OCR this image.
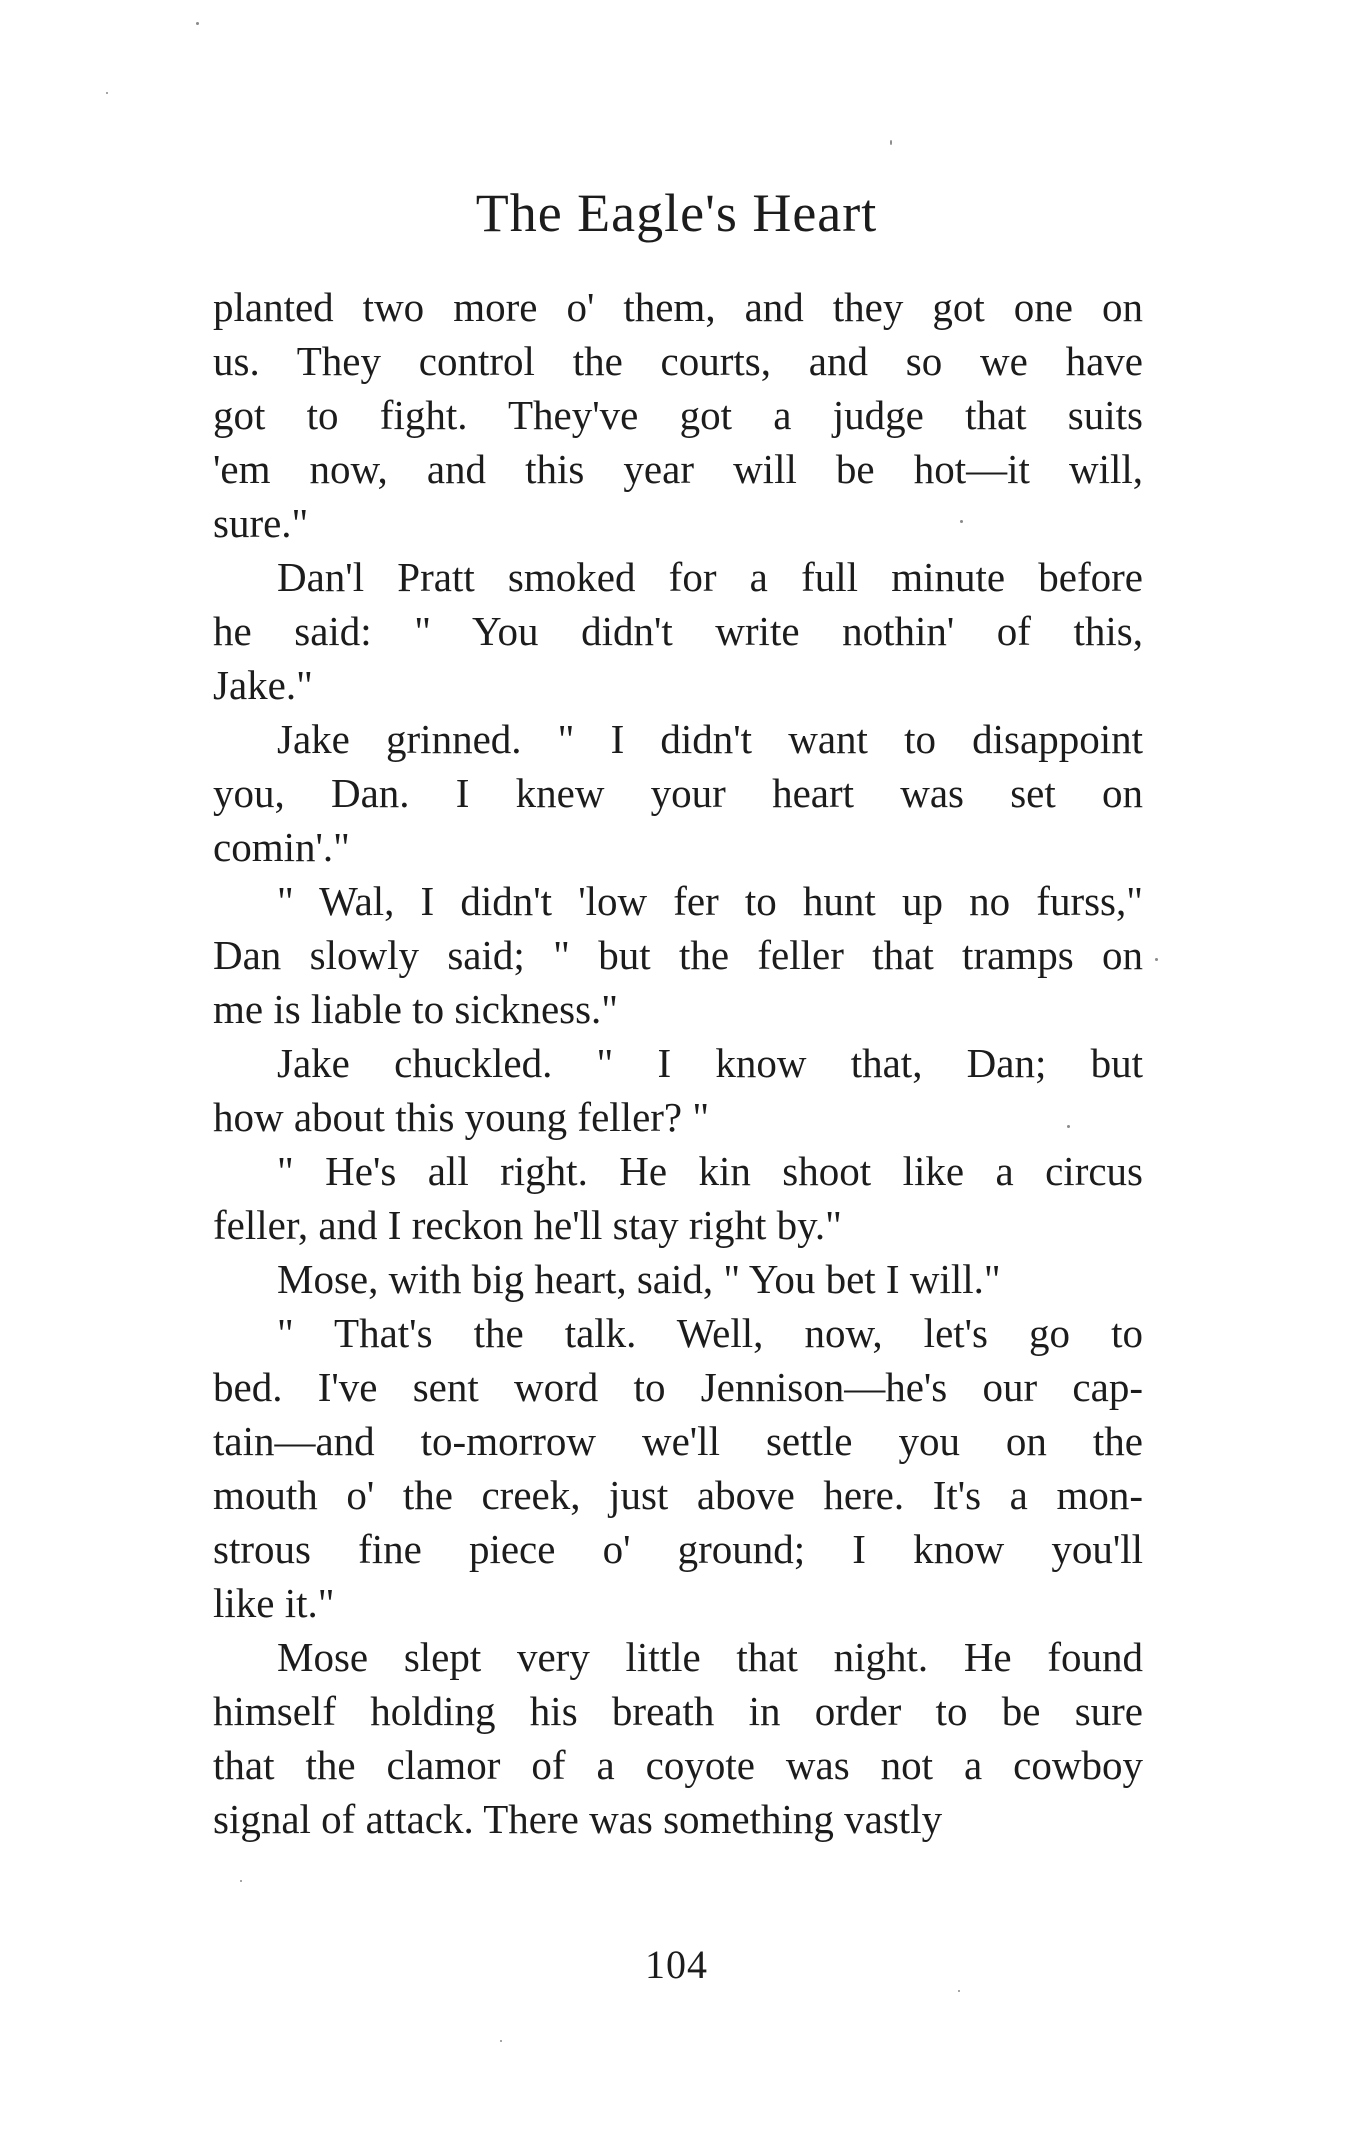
The Eagle's Heart
planted two more o' them, and they got one on
us. They control the courts, and so we have
got to fight. They've got a judge that suits
'em now, and this year will be hot—it will,
sure."
Dan'l Pratt smoked for a full minute before
he said: " You didn't write nothin' of this,
Jake."
Jake grinned. " I didn't want to disappoint
you, Dan. I knew your heart was set on
comin'."
" Wal, I didn't 'low fer to hunt up no furss,"
Dan slowly said; " but the feller that tramps on
me is liable to sickness."
Jake chuckled. " I know that, Dan; but
how about this young feller? "
" He's all right. He kin shoot like a circus
feller, and I reckon he'll stay right by."
Mose, with big heart, said, " You bet I will."
" That's the talk. Well, now, let's go to
bed. I've sent word to Jennison—he's our cap-
tain—and to-morrow we'll settle you on the
mouth o' the creek, just above here. It's a mon-
strous fine piece o' ground; I know you'll
like it."
Mose slept very little that night. He found
himself holding his breath in order to be sure
that the clamor of a coyote was not a cowboy
signal of attack. There was something vastly
104
